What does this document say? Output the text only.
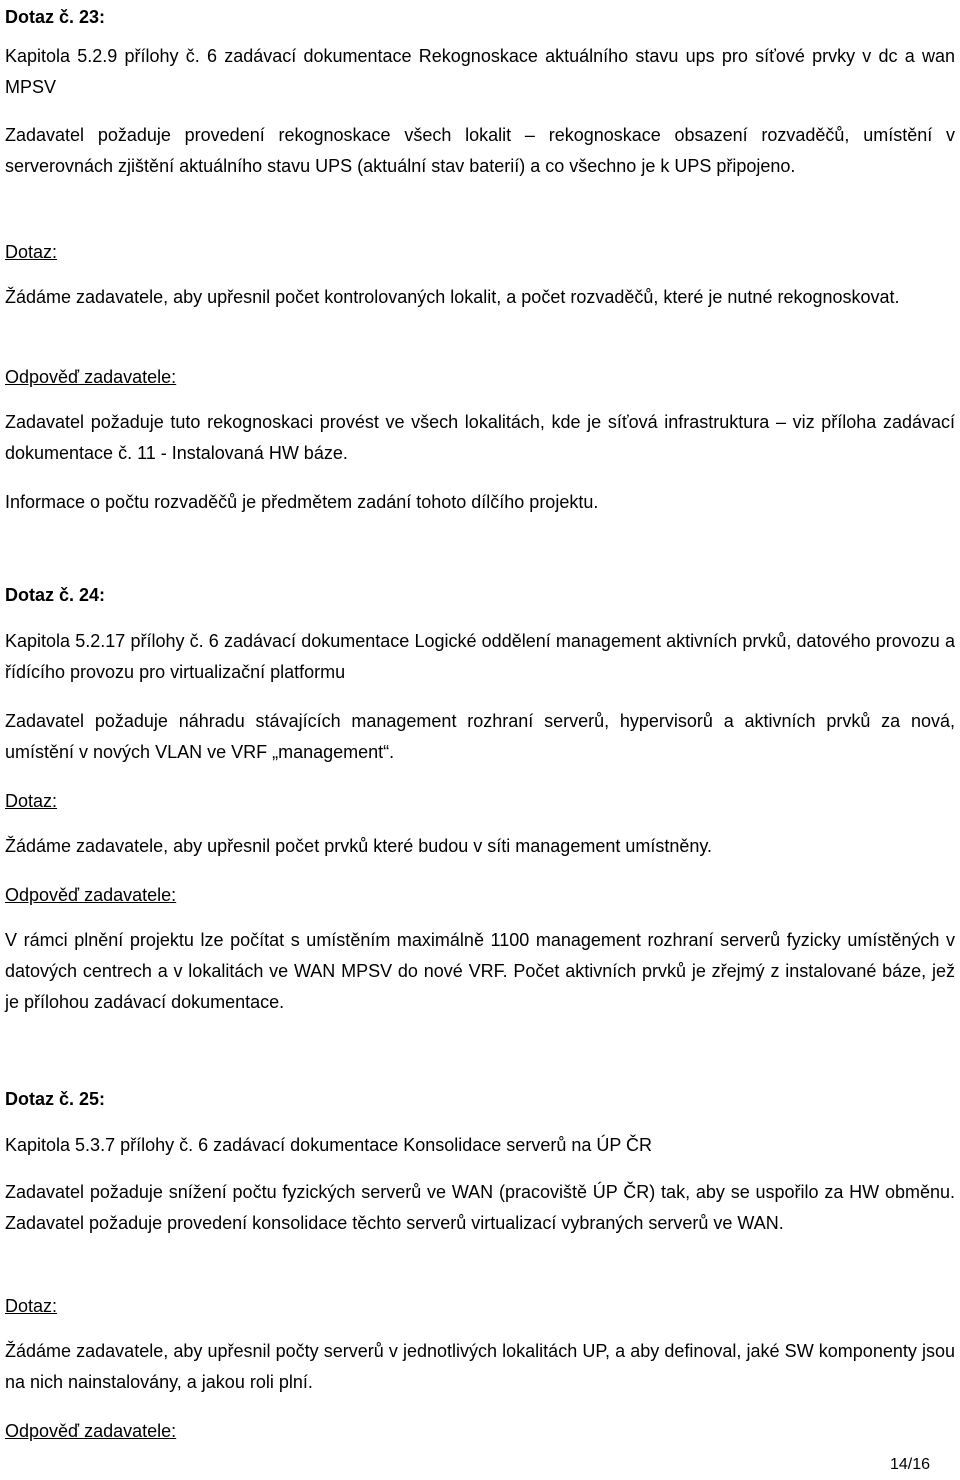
Dotaz č. 23:
Kapitola 5.2.9 přílohy č. 6 zadávací dokumentace Rekognoskace aktuálního stavu ups pro síťové prvky v dc a wan MPSV
Zadavatel požaduje provedení rekognoskace všech lokalit – rekognoskace obsazení rozvaděčů, umístění v serverovnách zjištění aktuálního stavu UPS (aktuální stav baterií) a co všechno je k UPS připojeno.
Dotaz:
Žádáme zadavatele, aby upřesnil počet kontrolovaných lokalit, a počet rozvaděčů, které je nutné rekognoskovat.
Odpověď zadavatele:
Zadavatel požaduje tuto rekognoskaci provést ve všech lokalitách, kde je síťová infrastruktura – viz příloha zadávací dokumentace č. 11 - Instalovaná HW báze.
Informace o počtu rozvaděčů je předmětem zadání tohoto dílčího projektu.
Dotaz č. 24:
Kapitola 5.2.17 přílohy č. 6 zadávací dokumentace Logické oddělení management aktivních prvků, datového provozu a řídícího provozu pro virtualizační platformu
Zadavatel požaduje náhradu stávajících management rozhraní serverů, hypervisorů a aktivních prvků za nová, umístění v nových VLAN ve VRF „management“.
Dotaz:
Žádáme zadavatele, aby upřesnil počet prvků které budou v síti management umístněny.
Odpověď zadavatele:
V rámci plnění projektu lze počítat s umístěním maximálně 1100 management rozhraní serverů fyzicky umístěných v datových centrech a v lokalitách ve WAN MPSV do nové VRF. Počet aktivních prvků je zřejmý z instalované báze, jež je přílohou zadávací dokumentace.
Dotaz č. 25:
Kapitola 5.3.7 přílohy č. 6 zadávací dokumentace Konsolidace serverů na ÚP ČR
Zadavatel požaduje snížení počtu fyzických serverů ve WAN (pracoviště ÚP ČR) tak, aby se uspořilo za HW obměnu. Zadavatel požaduje provedení konsolidace těchto serverů virtualizací vybraných serverů ve WAN.
Dotaz:
Žádáme zadavatele, aby upřesnil počty serverů v jednotlivých lokalitách UP, a aby definoval, jaké SW komponenty jsou na nich nainstalovány, a jakou roli plní.
Odpověď zadavatele:
14/16
